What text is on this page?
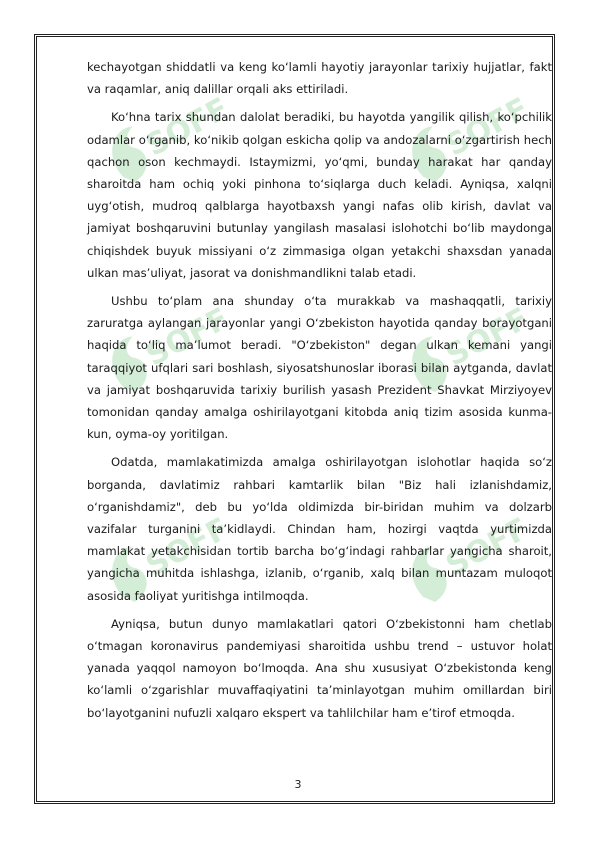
SOFF	SOFF
SOFF	SOFF
SOFF	SOFF

kechayotgan shiddatli va keng ko‘lamli hayotiy jarayonlar tarixiy hujjatlar, fakt va raqamlar, aniq dalillar orqali aks ettiriladi.

Ko‘hna tarix shundan dalolat beradiki, bu hayotda yangilik qilish, ko‘pchilik odamlar o‘rganib, ko‘nikib qolgan eskicha qolip va andozalarni o‘zgartirish hech qachon oson kechmaydi. Istaymizmi, yo‘qmi, bunday harakat har qanday sharoitda ham ochiq yoki pinhona to‘siqlarga duch keladi. Ayniqsa, xalqni uyg‘otish, mudroq qalblarga hayotbaxsh yangi nafas olib kirish, davlat va jamiyat boshqaruvini butunlay yangilash masalasi islohotchi bo‘lib maydonga chiqishdek buyuk missiyani o‘z zimmasiga olgan yetakchi shaxsdan yanada ulkan mas’uliyat, jasorat va donishmandlikni talab etadi.

Ushbu to‘plam ana shunday o‘ta murakkab va mashaqqatli, tarixiy zaruratga aylangan jarayonlar yangi O‘zbekiston hayotida qanday borayotgani haqida to‘liq ma’lumot beradi. "O‘zbekiston" degan ulkan kemani yangi taraqqiyot ufqlari sari boshlash, siyosatshunoslar iborasi bilan aytganda, davlat va jamiyat boshqaruvida tarixiy burilish yasash Prezident Shavkat Mirziyoyev tomonidan qanday amalga oshirilayotgani kitobda aniq tizim asosida kunma-kun, oyma-oy yoritilgan.

Odatda, mamlakatimizda amalga oshirilayotgan islohotlar haqida so‘z borganda, davlatimiz rahbari kamtarlik bilan "Biz hali izlanishdamiz, o‘rganishdamiz", deb bu yo‘lda oldimizda bir-biridan muhim va dolzarb vazifalar turganini ta’kidlaydi. Chindan ham, hozirgi vaqtda yurtimizda mamlakat yetakchisidan tortib barcha bo‘g‘indagi rahbarlar yangicha sharoit, yangicha muhitda ishlashga, izlanib, o‘rganib, xalq bilan muntazam muloqot asosida faoliyat yuritishga intilmoqda.

Ayniqsa, butun dunyo mamlakatlari qatori O‘zbekistonni ham chetlab o‘tmagan koronavirus pandemiyasi sharoitida ushbu trend – ustuvor holat yanada yaqqol namoyon bo‘lmoqda. Ana shu xususiyat O‘zbekistonda keng ko‘lamli o‘zgarishlar muvaffaqiyatini ta’minlayotgan muhim omillardan biri bo‘layotganini nufuzli xalqaro ekspert va tahlilchilar ham e’tirof etmoqda.

3
